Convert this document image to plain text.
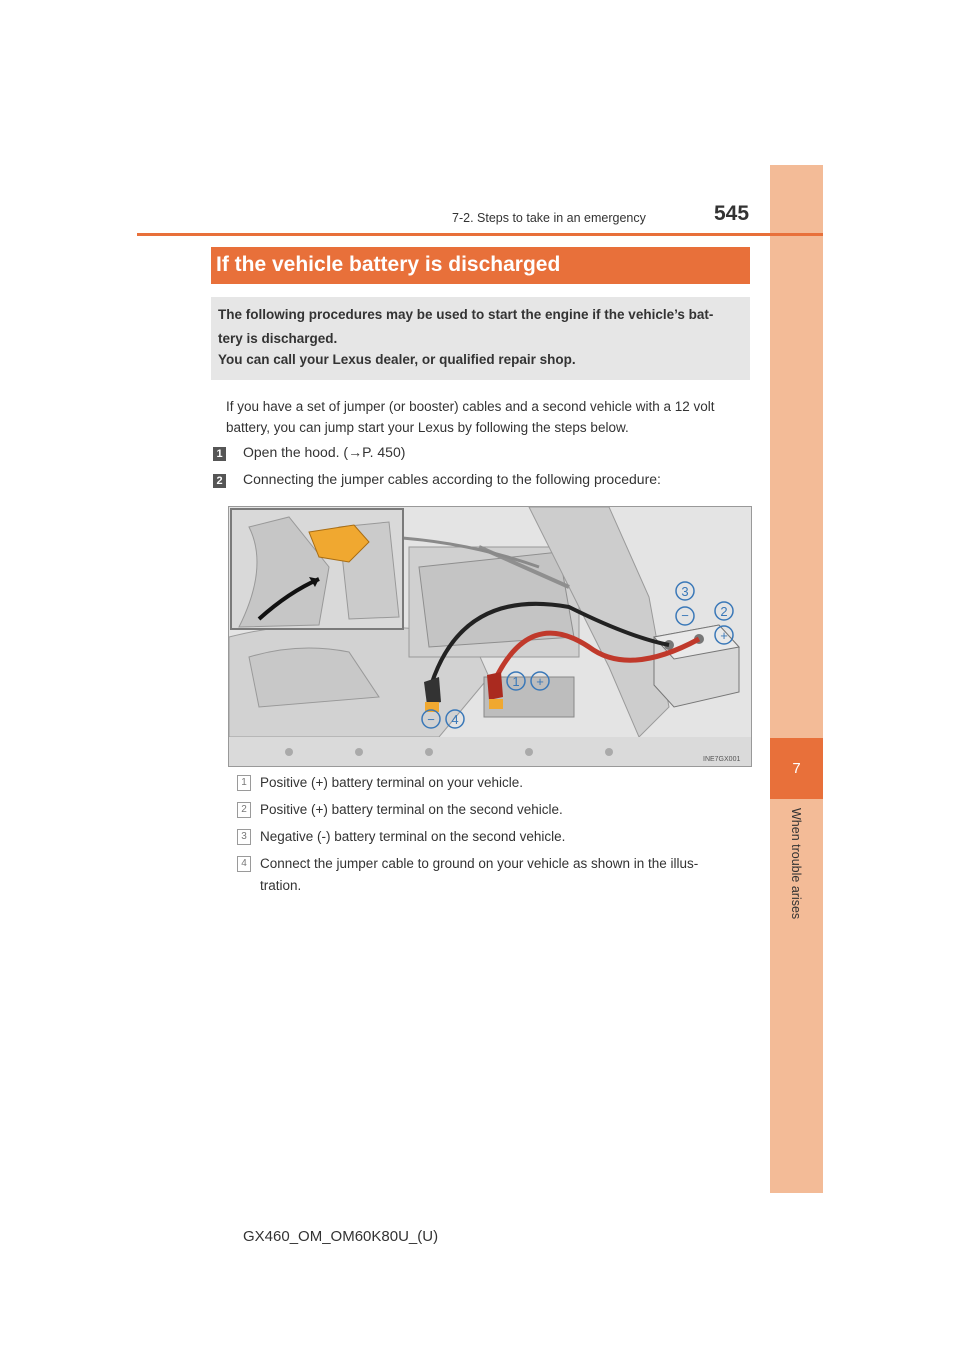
7
When trouble arises
7-2. Steps to take in an emergency	545
If the vehicle battery is discharged
The following procedures may be used to start the engine if the vehicle’s bat-
tery is discharged.
You can call your Lexus dealer, or qualified repair shop.
If you have a set of jumper (or booster) cables and a second vehicle with a 12 volt
battery, you can jump start your Lexus by following the steps below.
1 Open the hood. (→P. 450)
2 Connecting the jumper cables according to the following procedure:
3
− 2
+
1 +
− 4
INE7GX001
1 Positive (+) battery terminal on your vehicle.
2 Positive (+) battery terminal on the second vehicle.
3 Negative (-) battery terminal on the second vehicle.
4 Connect the jumper cable to ground on your vehicle as shown in the illus-
tration.
GX460_OM_OM60K80U_(U)
